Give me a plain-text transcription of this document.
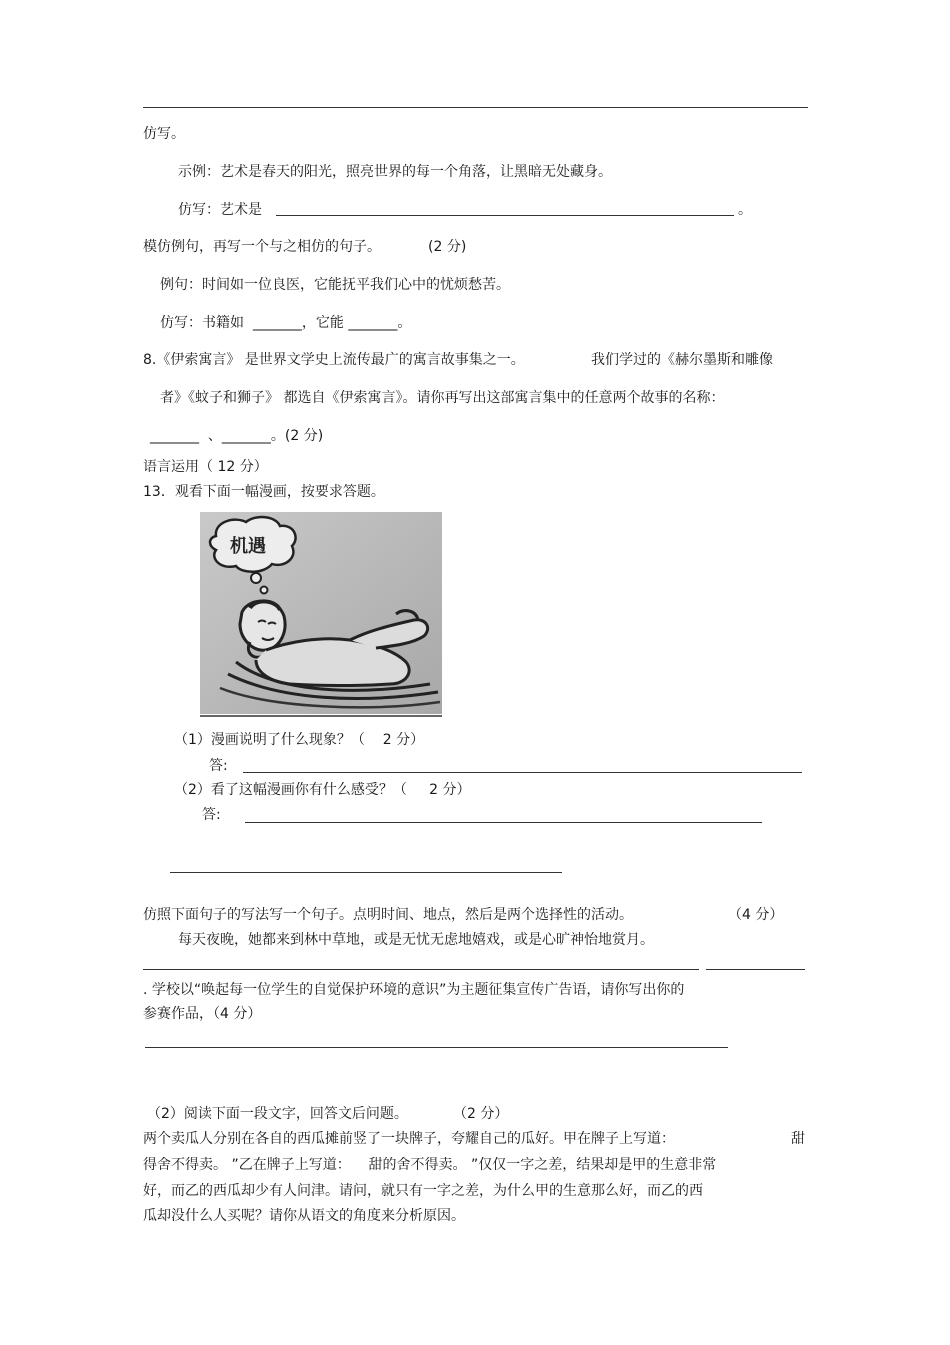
仿写。
示例：艺术是春天的阳光，照亮世界的每一个角落，让黑暗无处藏身。
仿写：艺术是	。
模仿例句，再写一个与之相仿的句子。	(2 分)
例句：时间如一位良医，它能抚平我们心中的忧烦愁苦。
仿写：书籍如  _______，它能 _______。
8.《伊索寓言》 是世界文学史上流传最广的寓言故事集之一。	我们学过的《赫尔墨斯和雕像
者》《蚊子和狮子》 都选自《伊索寓言》。请你再写出这部寓言集中的任意两个故事的名称：
_______  、_______。(2 分)
语言运用（ 12 分）
13．观看下面一幅漫画，按要求答题。
机遇
（1）漫画说明了什么现象？（    2 分）
答:
（2）看了这幅漫画你有什么感受？（     2 分）
答:
仿照下面句子的写法写一个句子。点明时间、地点，然后是两个选择性的活动。	（4 分）
每天夜晚，她都来到林中草地，或是无忧无虑地嬉戏，或是心旷神怡地赏月。
. 学校以“唤起每一位学生的自觉保护环境的意识”为主题征集宣传广告语，请你写出你的
参赛作品，（4 分）
（2）阅读下面一段文字，回答文后问题。	（2 分）
两个卖瓜人分别在各自的西瓜摊前竖了一块牌子，夸耀自己的瓜好。甲在牌子上写道：	甜
得舍不得卖。 ”乙在牌子上写道：    甜的舍不得卖。 ”仅仅一字之差，结果却是甲的生意非常
好，而乙的西瓜却少有人问津。请问，就只有一字之差，为什么甲的生意那么好，而乙的西
瓜却没什么人买呢？请你从语文的角度来分析原因。
